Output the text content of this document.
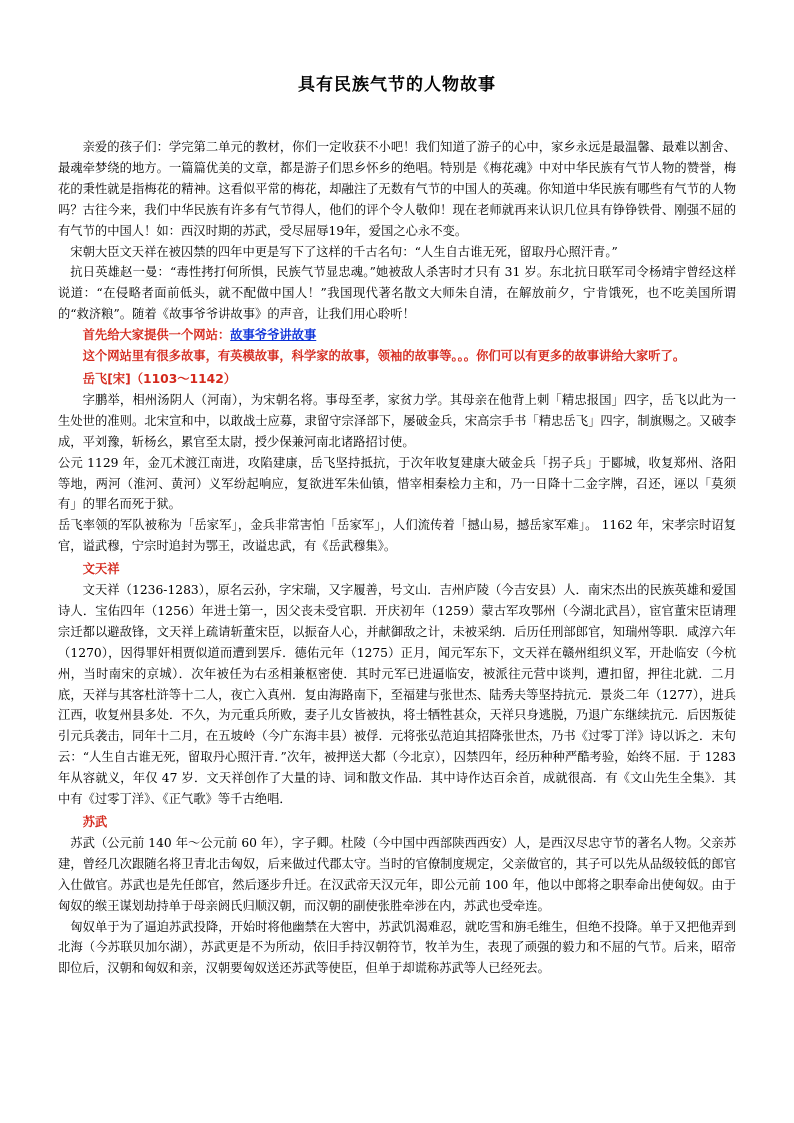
具有民族气节的人物故事

亲爱的孩子们：学完第二单元的教材，你们一定收获不小吧！我们知道了游子的心中，家乡永远是最温馨、最难以割舍、最魂牵梦绕的地方。一篇篇优美的文章，都是游子们思乡怀乡的绝唱。特别是《梅花魂》中对中华民族有气节人物的赞誉，梅花的秉性就是指梅花的精神。这看似平常的梅花，却融注了无数有气节的中国人的英魂。你知道中华民族有哪些有气节的人物吗？古往今来，我们中华民族有许多有气节得人，他们的评个令人敬仰！现在老师就再来认识几位具有铮铮铁骨、刚强不屈的有气节的中国人！如：西汉时期的苏武，受尽屈辱19年，爱国之心永不变。

宋朝大臣文天祥在被囚禁的四年中更是写下了这样的千古名句：“人生自古谁无死，留取丹心照汗青。”

抗日英雄赵一曼：“毒性拷打何所惧，民族气节显忠魂。”她被敌人杀害时才只有 31 岁。东北抗日联军司令杨靖宇曾经这样说道：“在侵略者面前低头，就不配做中国人！”我国现代著名散文大师朱自清，在解放前夕，宁肯饿死，也不吃美国所谓的“救济粮”。随着《故事爷爷讲故事》的声音，让我们用心聆听！

首先给大家提供一个网站：故事爷爷讲故事

这个网站里有很多故事，有英模故事，科学家的故事，领袖的故事等。。。你们可以有更多的故事讲给大家听了。

岳飞[宋]（1103～1142）

字鹏举，相州汤阴人（河南），为宋朝名将。事母至孝，家贫力学。其母亲在他背上刺「精忠报国」四字，岳飞以此为一生处世的准则。北宋宣和中，以敢战士应募，隶留守宗泽部下，屡破金兵，宋高宗手书「精忠岳飞」四字，制旗赐之。又破李成，平刘豫，斩杨幺，累官至太尉，授少保兼河南北诸路招讨使。

公元 1129 年，金兀术渡江南进，攻陷建康，岳飞坚持抵抗，于次年收复建康大破金兵「拐子兵」于郾城，收复郑州、洛阳等地，两河（淮河、黄河）义军纷起响应，复欲进军朱仙镇，惜宰相秦桧力主和，乃一日降十二金字牌，召还，诬以「莫须有」的罪名而死于狱。

岳飞率领的军队被称为「岳家军」，金兵非常害怕「岳家军」，人们流传着「撼山易，撼岳家军难」。 1162 年，宋孝宗时诏复官，谥武穆，宁宗时追封为鄂王，改谥忠武，有《岳武穆集》。

文天祥

文天祥（1236-1283），原名云孙，字宋瑞，又字履善，号文山．吉州庐陵（今吉安县）人．南宋杰出的民族英雄和爱国诗人．宝佑四年（1256）年进士第一，因父丧未受官职．开庆初年（1259）蒙古军攻鄂州（今湖北武昌），宦官董宋臣请理宗迁都以避敌锋，文天祥上疏请斩董宋臣，以振奋人心，并献御敌之计，未被采纳．后历任刑部郎官，知瑞州等职．咸淳六年（1270），因得罪奸相贾似道而遭到罢斥．德佑元年（1275）正月，闻元军东下，文天祥在赣州组织义军，开赴临安（今杭州，当时南宋的京城）．次年被任为右丞相兼枢密使．其时元军已进逼临安，被派往元营中谈判，遭扣留，押往北就．二月底，天祥与其客杜浒等十二人，夜亡入真州．复由海路南下，至福建与张世杰、陆秀夫等坚持抗元．景炎二年（1277），进兵江西，收复州县多处．不久，为元重兵所败，妻子儿女皆被执，将士牺牲甚众，天祥只身逃脱，乃退广东继续抗元．后因叛徒引元兵袭击，同年十二月，在五坡岭（今广东海丰县）被俘．元将张弘范迫其招降张世杰，乃书《过零丁洋》诗以诉之．末句云：“人生自古谁无死，留取丹心照汗青．”次年，被押送大都（今北京），囚禁四年，经历种种严酷考验，始终不屈．于 1283 年从容就义，年仅 47 岁．文天祥创作了大量的诗、词和散文作品．其中诗作达百余首，成就很高．有《文山先生全集》．其中有《过零丁洋》、《正气歌》等千古绝唱．

苏武

苏武（公元前 140 年～公元前 60 年），字子卿。杜陵（今中国中西部陕西西安）人，是西汉尽忠守节的著名人物。父亲苏建，曾经几次跟随名将卫青北击匈奴，后来做过代郡太守。当时的官僚制度规定，父亲做官的，其子可以先从品级较低的郎官入仕做官。苏武也是先任郎官，然后逐步升迁。在汉武帝天汉元年，即公元前 100 年，他以中郎将之职奉命出使匈奴。由于匈奴的缑王谋划劫持单于母亲阏氏归顺汉朝，而汉朝的副使张胜牵涉在内，苏武也受牵连。

匈奴单于为了逼迫苏武投降，开始时将他幽禁在大窖中，苏武饥渴难忍，就吃雪和旃毛维生，但绝不投降。单于又把他弄到北海（今苏联贝加尔湖），苏武更是不为所动，依旧手持汉朝符节，牧羊为生，表现了顽强的毅力和不屈的气节。后来，昭帝即位后，汉朝和匈奴和亲，汉朝要匈奴送还苏武等使臣，但单于却谎称苏武等人已经死去。
